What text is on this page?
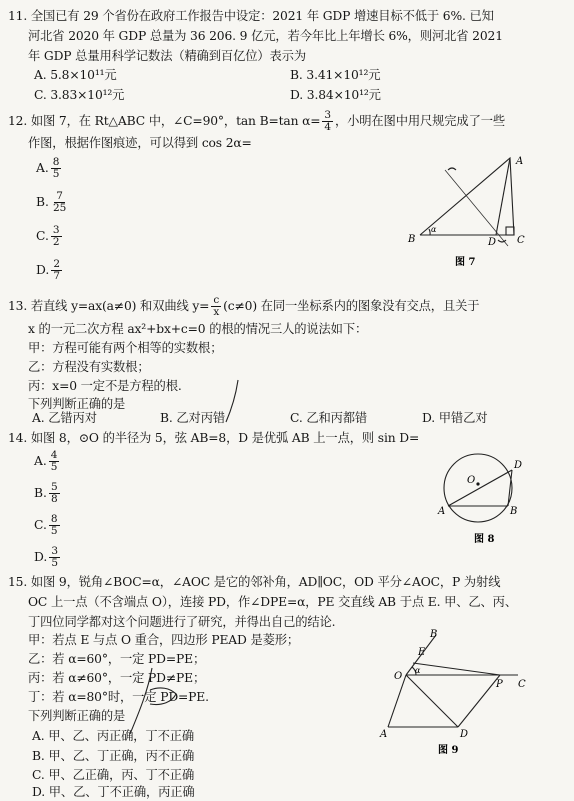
11. 全国已有 29 个省份在政府工作报告中设定：2021 年 GDP 增速目标不低于 6%. 已知
河北省 2020 年 GDP 总量为 36 206. 9 亿元，若今年比上年增长 6%，则河北省 2021
年 GDP 总量用科学记数法（精确到百亿位）表示为
A. 5.8×10¹¹元	B. 3.41×10¹²元
C. 3.83×10¹²元	D. 3.84×10¹²元
12. 如图 7，在 Rt△ABC 中，∠C=90°，tan B=tan $\alpha= \frac{3}{4}$ ，小明在图中用尺规完成了一些
作图，根据作图痕迹，可以得到 cos 2α=
A. $\frac{8}{5}$
B. $\frac{7}{25}$
C. $\frac{3}{2}$
D. $\frac{2}{7}$
B
A
C
D
α
图 7
13. 若直线 y=ax(a≠0) 和双曲线 $y= \frac{c}{x} (c\ne 0)$ 在同一坐标系内的图象没有交点，且关于
x 的一元二次方程 ax²+bx+c=0 的根的情况三人的说法如下：
甲：方程可能有两个相等的实数根；
乙：方程没有实数根；
丙：x=0 一定不是方程的根.
下列判断正确的是
A. 乙错丙对	B. 乙对丙错	C. 乙和丙都错	D. 甲错乙对
14. 如图 8，⊙O 的半径为 5，弦 AB=8，D 是优弧 AB 上一点，则 sin D=
A. $\frac{4}{5}$
B. $\frac{5}{8}$
C. $\frac{8}{5}$
D. $\frac{3}{5}$
O
D
A	B
图 8
15. 如图 9，锐角∠BOC=α，∠AOC 是它的邻补角，AD∥OC，OD 平分∠AOC，P 为射线
OC 上一点（不含端点 O），连接 PD，作∠DPE=α，PE 交直线 AB 于点 E. 甲、乙、丙、
丁四位同学都对这个问题进行了研究，并得出自己的结论.
甲：若点 E 与点 O 重合，四边形 PEAD 是菱形；
乙：若 α=60°，一定 PD=PE；
丙：若 α≠60°，一定 PD≠PE；
丁：若 α=80°时，一定 PD=PE.
下列判断正确的是
A. 甲、乙、丙正确，丁不正确
B. 甲、乙、丁正确，丙不正确
C. 甲、乙正确，丙、丁不正确
D. 甲、乙、丁不正确，丙正确
B
E
O
α
P C
A	D
图 9
